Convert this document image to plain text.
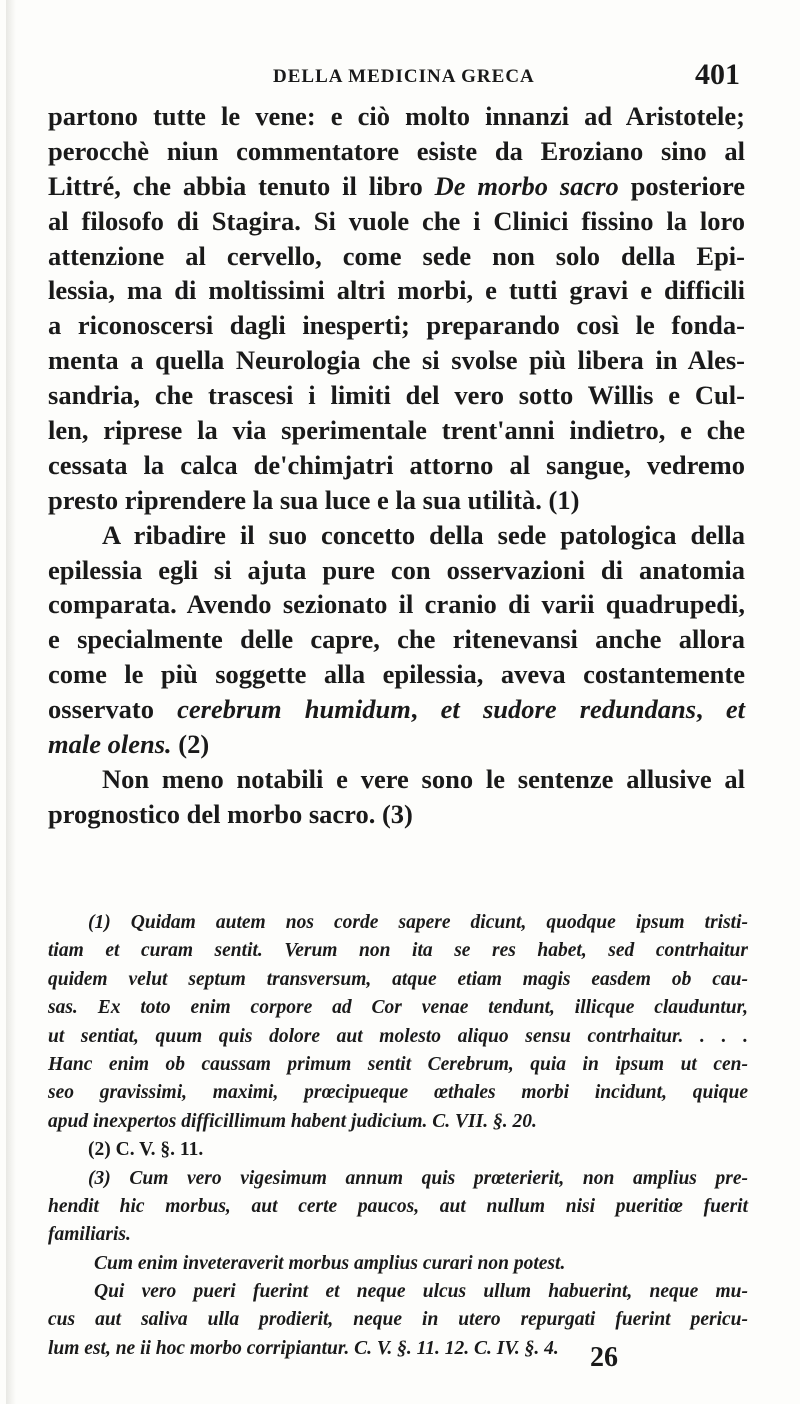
DELLA MEDICINA GRECA	401
partono tutte le vene: e ciò molto innanzi ad Aristotele;
perocchè niun commentatore esiste da Eroziano sino al
Littré, che abbia tenuto il libro De morbo sacro posteriore
al filosofo di Stagira. Si vuole che i Clinici fissino la loro
attenzione al cervello, come sede non solo della Epi-
lessia, ma di moltissimi altri morbi, e tutti gravi e difficili
a riconoscersi dagli inesperti; preparando così le fonda-
menta a quella Neurologia che si svolse più libera in Ales-
sandria, che trascesi i limiti del vero sotto Willis e Cul-
len, riprese la via sperimentale trent'anni indietro, e che
cessata la calca de'chimjatri attorno al sangue, vedremo
presto riprendere la sua luce e la sua utilità. (1)
A ribadire il suo concetto della sede patologica della
epilessia egli si ajuta pure con osservazioni di anatomia
comparata. Avendo sezionato il cranio di varii quadrupedi,
e specialmente delle capre, che ritenevansi anche allora
come le più soggette alla epilessia, aveva costantemente
osservato cerebrum humidum, et sudore redundans, et
male olens. (2)
Non meno notabili e vere sono le sentenze allusive al
prognostico del morbo sacro. (3)
(1) Quidam autem nos corde sapere dicunt, quodque ipsum tristi-
tiam et curam sentit. Verum non ita se res habet, sed contrhaitur
quidem velut septum transversum, atque etiam magis easdem ob cau-
sas. Ex toto enim corpore ad Cor venae tendunt, illicque clauduntur,
ut sentiat, quum quis dolore aut molesto aliquo sensu contrhaitur. . . .
Hanc enim ob caussam primum sentit Cerebrum, quia in ipsum ut cen-
seo gravissimi, maximi, prœcipueque œthales morbi incidunt, quique
apud inexpertos difficillimum habent judicium. C. VII. §. 20.
(2) C. V. §. 11.
(3) Cum vero vigesimum annum quis prœterierit, non amplius pre-
hendit hic morbus, aut certe paucos, aut nullum nisi pueritiœ fuerit
familiaris.
Cum enim inveteraverit morbus amplius curari non potest.
Qui vero pueri fuerint et neque ulcus ullum habuerint, neque mu-
cus aut saliva ulla prodierit, neque in utero repurgati fuerint pericu-
lum est, ne ii hoc morbo corripiantur. C. V. §. 11. 12. C. IV. §. 4.	26
